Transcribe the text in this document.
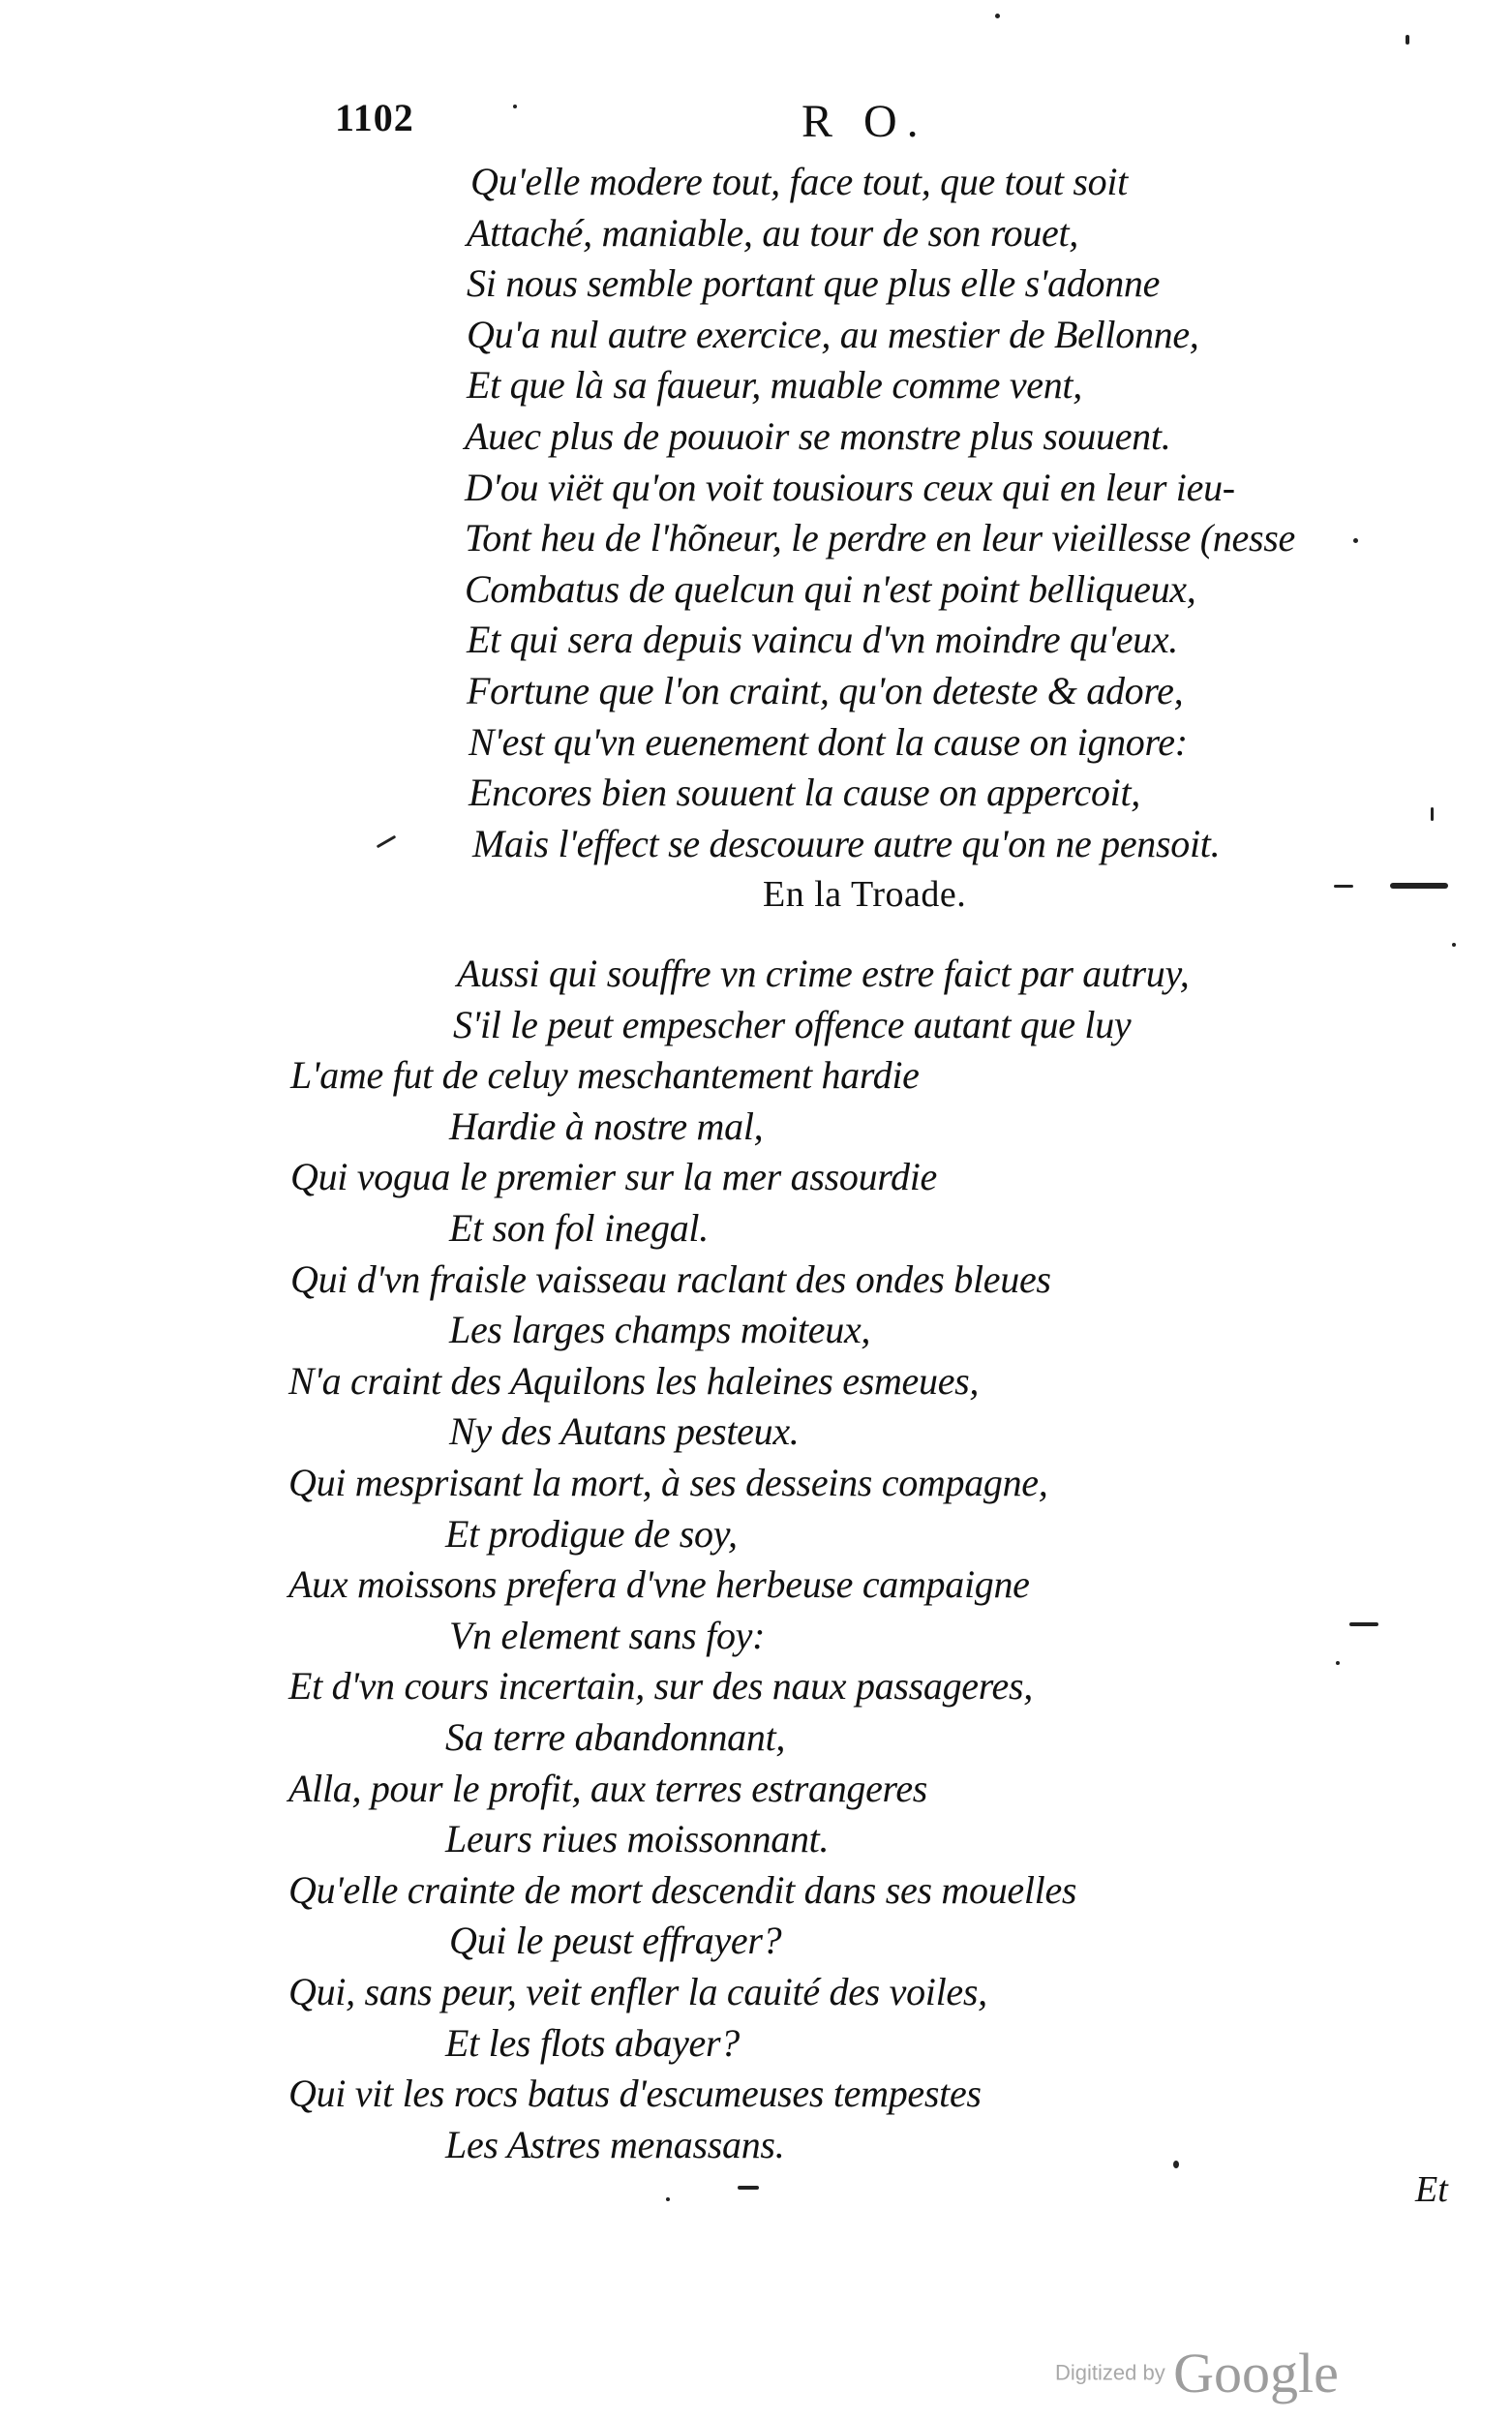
1102	R O.
Qu'elle modere tout, face tout, que tout soit
Attaché, maniable, au tour de son rouet,
Si nous semble portant que plus elle s'adonne
Qu'a nul autre exercice, au mestier de Bellonne,
Et que là sa faueur, muable comme vent,
Auec plus de pouuoir se monstre plus souuent.
D'ou viët qu'on voit tousiours ceux qui en leur ieu-
Tont heu de l'hõneur, le perdre en leur vieillesse (nesse
Combatus de quelcun qui n'est point belliqueux,
Et qui sera depuis vaincu d'vn moindre qu'eux.
Fortune que l'on craint, qu'on deteste & adore,
N'est qu'vn euenement dont la cause on ignore:
Encores bien souuent la cause on appercoit,
Mais l'effect se descouure autre qu'on ne pensoit.
En la Troade.
Aussi qui souffre vn crime estre faict par autruy,
S'il le peut empescher offence autant que luy
L'ame fut de celuy meschantement hardie
Hardie à nostre mal,
Qui vogua le premier sur la mer assourdie
Et son fol inegal.
Qui d'vn fraisle vaisseau raclant des ondes bleues
Les larges champs moiteux,
N'a craint des Aquilons les haleines esmeues,
Ny des Autans pesteux.
Qui mesprisant la mort, à ses desseins compagne,
Et prodigue de soy,
Aux moissons prefera d'vne herbeuse campaigne
Vn element sans foy:
Et d'vn cours incertain, sur des naux passageres,
Sa terre abandonnant,
Alla, pour le profit, aux terres estrangeres
Leurs riues moissonnant.
Qu'elle crainte de mort descendit dans ses mouelles
Qui le peust effrayer?
Qui, sans peur, veit enfler la cauité des voiles,
Et les flots abayer?
Qui vit les rocs batus d'escumeuses tempestes
Les Astres menassans.
Et
Digitized by Google
